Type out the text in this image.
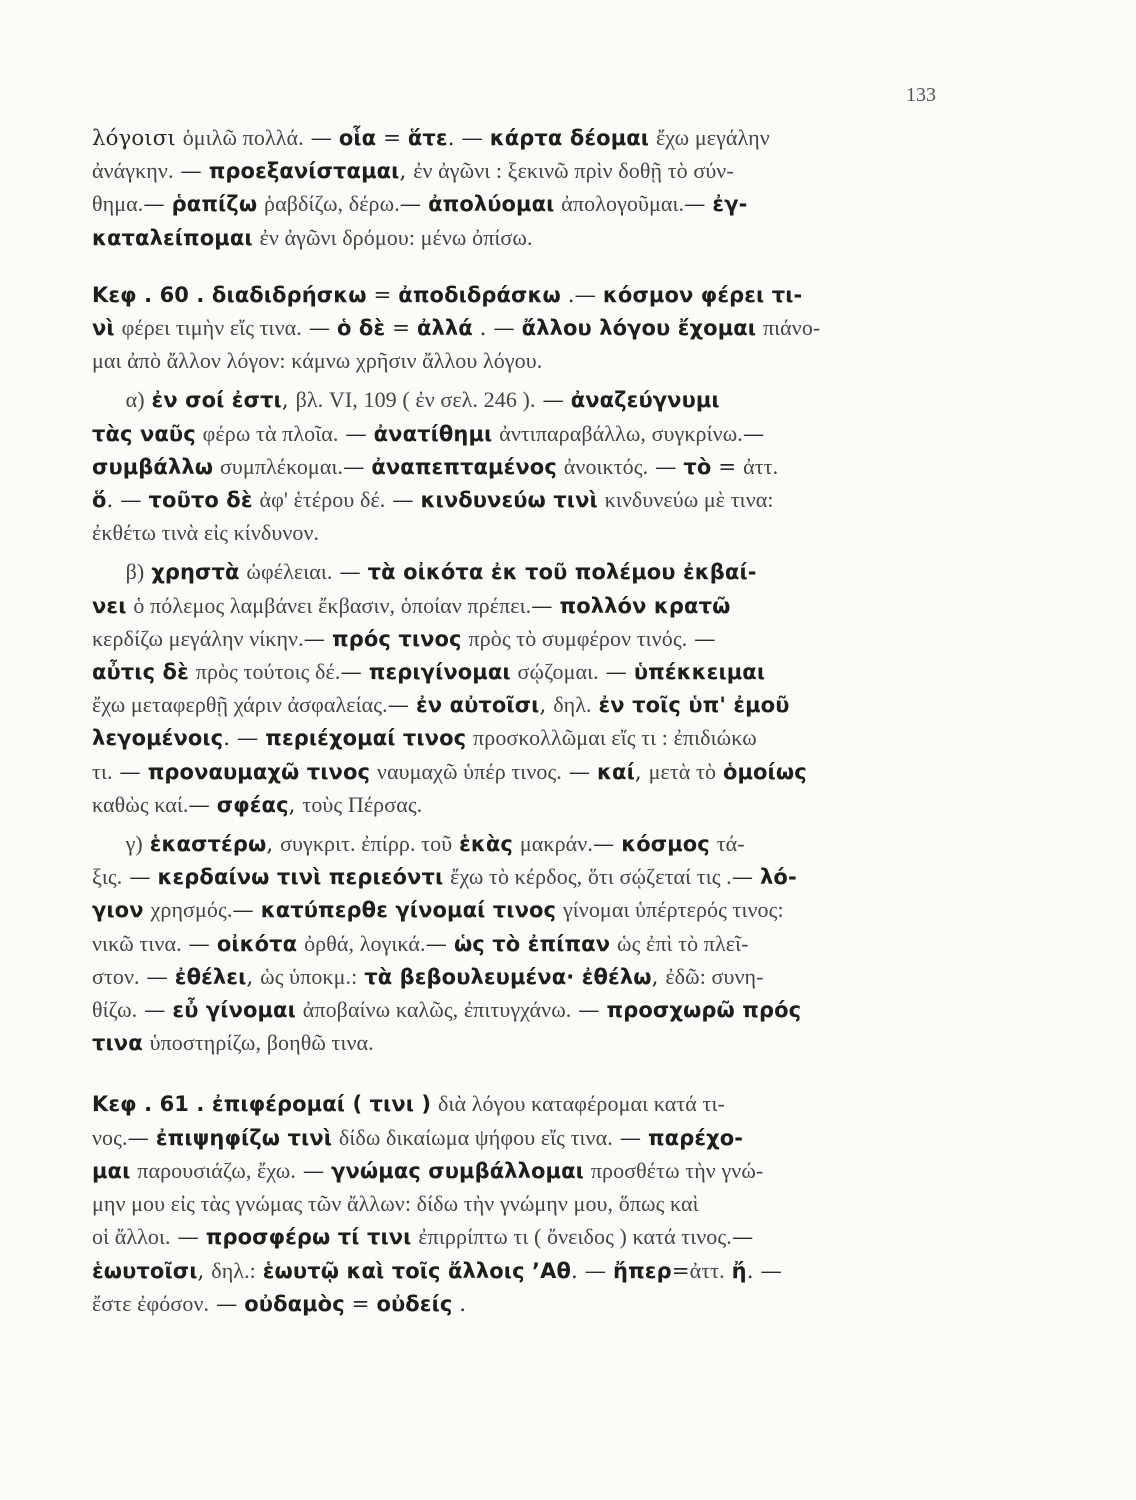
133
λόγοισι ὁμιλῶ πολλά. — οἷα = ἅτε. — κάρτα δέομαι ἔχω μεγάλην
ἀνάγκην. — προεξανίσταμαι, ἐν ἀγῶνι : ξεκινῶ πρὶν δοθῇ τὸ σύν-
θημα.— ῥαπίζω ῥαβδίζω, δέρω.— ἀπολύομαι ἀπολογοῦμαι.— ἐγ-
καταλείπομαι ἐν ἀγῶνι δρόμου: μένω ὀπίσω.
Κεφ . 60 . διαδιδρήσκω = ἀποδιδράσκω .— κόσμον φέρει τι-
νὶ φέρει τιμὴν εἴς τινα. — ὁ δὲ = ἀλλά . — ἄλλου λόγου ἔχομαι πιάνο-
μαι ἀπὸ ἄλλον λόγον: κάμνω χρῆσιν ἄλλου λόγου.
α) ἐν σοί ἐστι, βλ. VI, 109 ( ἐν σελ. 246 ). — ἀναζεύγνυμι
τὰς ναῦς φέρω τὰ πλοῖα. — ἀνατίθημι ἀντιπαραβάλλω, συγκρίνω.—
συμβάλλω συμπλέκομαι.— ἀναπεπταμένος ἀνοικτός. — τὸ = ἀττ.
ὅ. — τοῦτο δὲ ἀφ' ἑτέρου δέ. — κινδυνεύω τινὶ κινδυνεύω μὲ τινα:
ἐκθέτω τινὰ εἰς κίνδυνον.
β) χρηστὰ ὠφέλειαι. — τὰ οἰκότα ἐκ τοῦ πολέμου ἐκβαί-
νει ὁ πόλεμος λαμβάνει ἔκβασιν, ὁποίαν πρέπει.— πολλόν κρατῶ
κερδίζω μεγάλην νίκην.— πρός τινος πρὸς τὸ συμφέρον τινός. —
αὖτις δὲ πρὸς τούτοις δέ.— περιγίνομαι σῴζομαι. — ὑπέκκειμαι
ἔχω μεταφερθῇ χάριν ἀσφαλείας.— ἐν αὐτοῖσι, δηλ. ἐν τοῖς ὑπ' ἐμοῦ
λεγομένοις. — περιέχομαί τινος προσκολλῶμαι εἴς τι : ἐπιδιώκω
τι. — προναυμαχῶ τινος ναυμαχῶ ὑπέρ τινος. — καί, μετὰ τὸ ὁμοίως
καθὼς καί.— σφέας, τοὺς Πέρσας.
γ) ἑκαστέρω, συγκριτ. ἐπίρρ. τοῦ ἑκὰς μακράν.— κόσμος τά-
ξις. — κερδαίνω τινὶ περιεόντι ἔχω τὸ κέρδος, ὅτι σῴζεταί τις .— λό-
γιον χρησμός.— κατύπερθε γίνομαί τινος γίνομαι ὑπέρτερός τινος:
νικῶ τινα. — οἰκότα ὀρθά, λογικά.— ὡς τὸ ἐπίπαν ὡς ἐπὶ τὸ πλεῖ-
στον. — ἐθέλει, ὡς ὑποκμ.: τὰ βεβουλευμένα· ἐθέλω, ἐδῶ: συνη-
θίζω. — εὖ γίνομαι ἀποβαίνω καλῶς, ἐπιτυγχάνω. — προσχωρῶ πρός
τινα ὑποστηρίζω, βοηθῶ τινα.
Κεφ . 61 . ἐπιφέρομαί ( τινι ) διὰ λόγου καταφέρομαι κατά τι-
νος.— ἐπιψηφίζω τινὶ δίδω δικαίωμα ψήφου εἴς τινα. — παρέχο-
μαι παρουσιάζω, ἔχω. — γνώμας συμβάλλομαι προσθέτω τὴν γνώ-
μην μου εἰς τὰς γνώμας τῶν ἄλλων: δίδω τὴν γνώμην μου, ὅπως καὶ
οἱ ἄλλοι. — προσφέρω τί τινι ἐπιρρίπτω τι ( ὄνειδος ) κατά τινος.—
ἑωυτοῖσι, δηλ.: ἑωυτῷ καὶ τοῖς ἄλλοις ’Αθ. — ἤπερ=ἀττ. ἤ. —
ἔστε ἐφόσον. — οὐδαμὸς = οὐδείς .
